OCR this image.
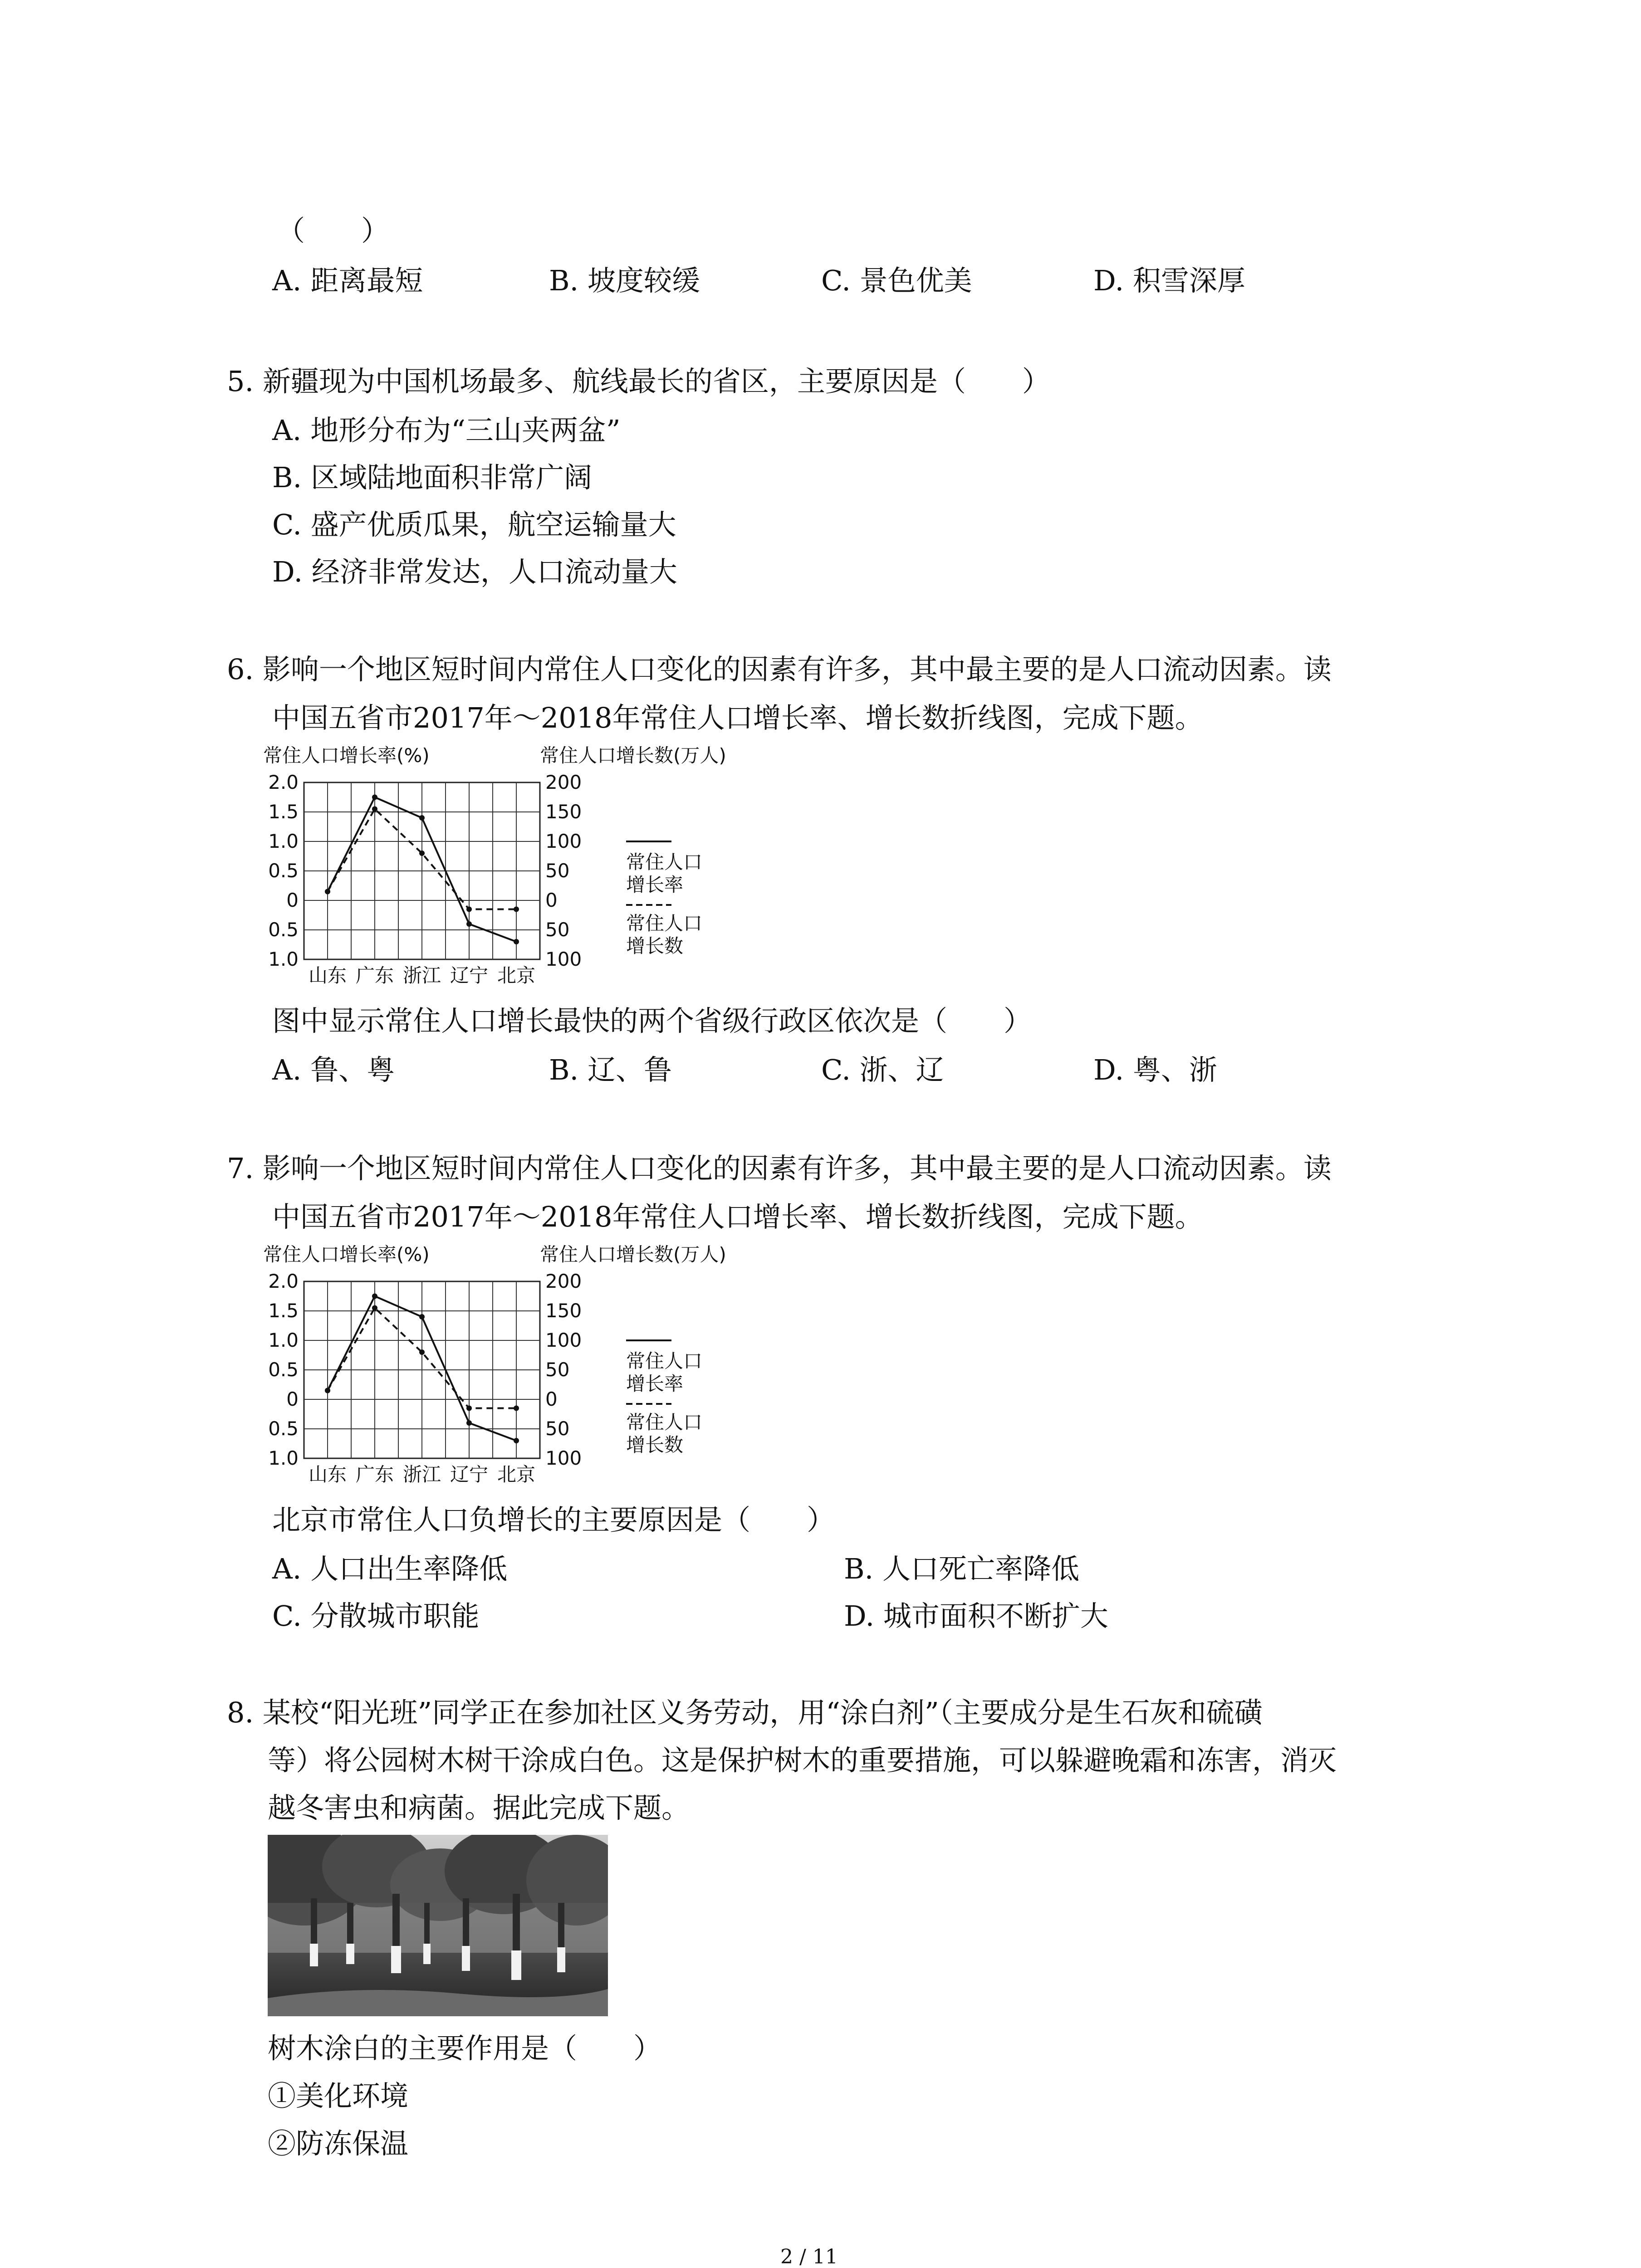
（　　）
A. 距离最短	B. 坡度较缓	C. 景色优美	D. 积雪深厚
5. 新疆现为中国机场最多、航线最长的省区，主要原因是（　　）
A. 地形分布为“三山夹两盆”
B. 区域陆地面积非常广阔
C. 盛产优质瓜果，航空运输量大
D. 经济非常发达，人口流动量大
6. 影响一个地区短时间内常住人口变化的因素有许多，其中最主要的是人口流动因素。读
中国五省市2017年～2018年常住人口增长率、增长数折线图，完成下题。
常住人口增长率(%)	常住人口增长数(万人)
2.0
1.5
1.0
0.5
0
0.5
1.0
200
150
100
50
0
50
100
山东 广东 浙江 辽宁 北京
常住人口
增长率
常住人口
增长数
图中显示常住人口增长最快的两个省级行政区依次是（　　）
A. 鲁、粤	B. 辽、鲁	C. 浙、辽	D. 粤、浙
7. 影响一个地区短时间内常住人口变化的因素有许多，其中最主要的是人口流动因素。读
中国五省市2017年～2018年常住人口增长率、增长数折线图，完成下题。
常住人口增长率(%)	常住人口增长数(万人)
2.0
1.5
1.0
0.5
0
0.5
1.0
200
150
100
50
0
50
100
山东 广东 浙江 辽宁 北京
常住人口
增长率
常住人口
增长数
北京市常住人口负增长的主要原因是（　　）
A. 人口出生率降低	B. 人口死亡率降低
C. 分散城市职能	D. 城市面积不断扩大
8. 某校“阳光班”同学正在参加社区义务劳动，用“涂白剂”（主要成分是生石灰和硫磺
等）将公园树木树干涂成白色。这是保护树木的重要措施，可以躲避晚霜和冻害，消灭
越冬害虫和病菌。据此完成下题。
树木涂白的主要作用是（　　）
①美化环境
②防冻保温
2 / 11
